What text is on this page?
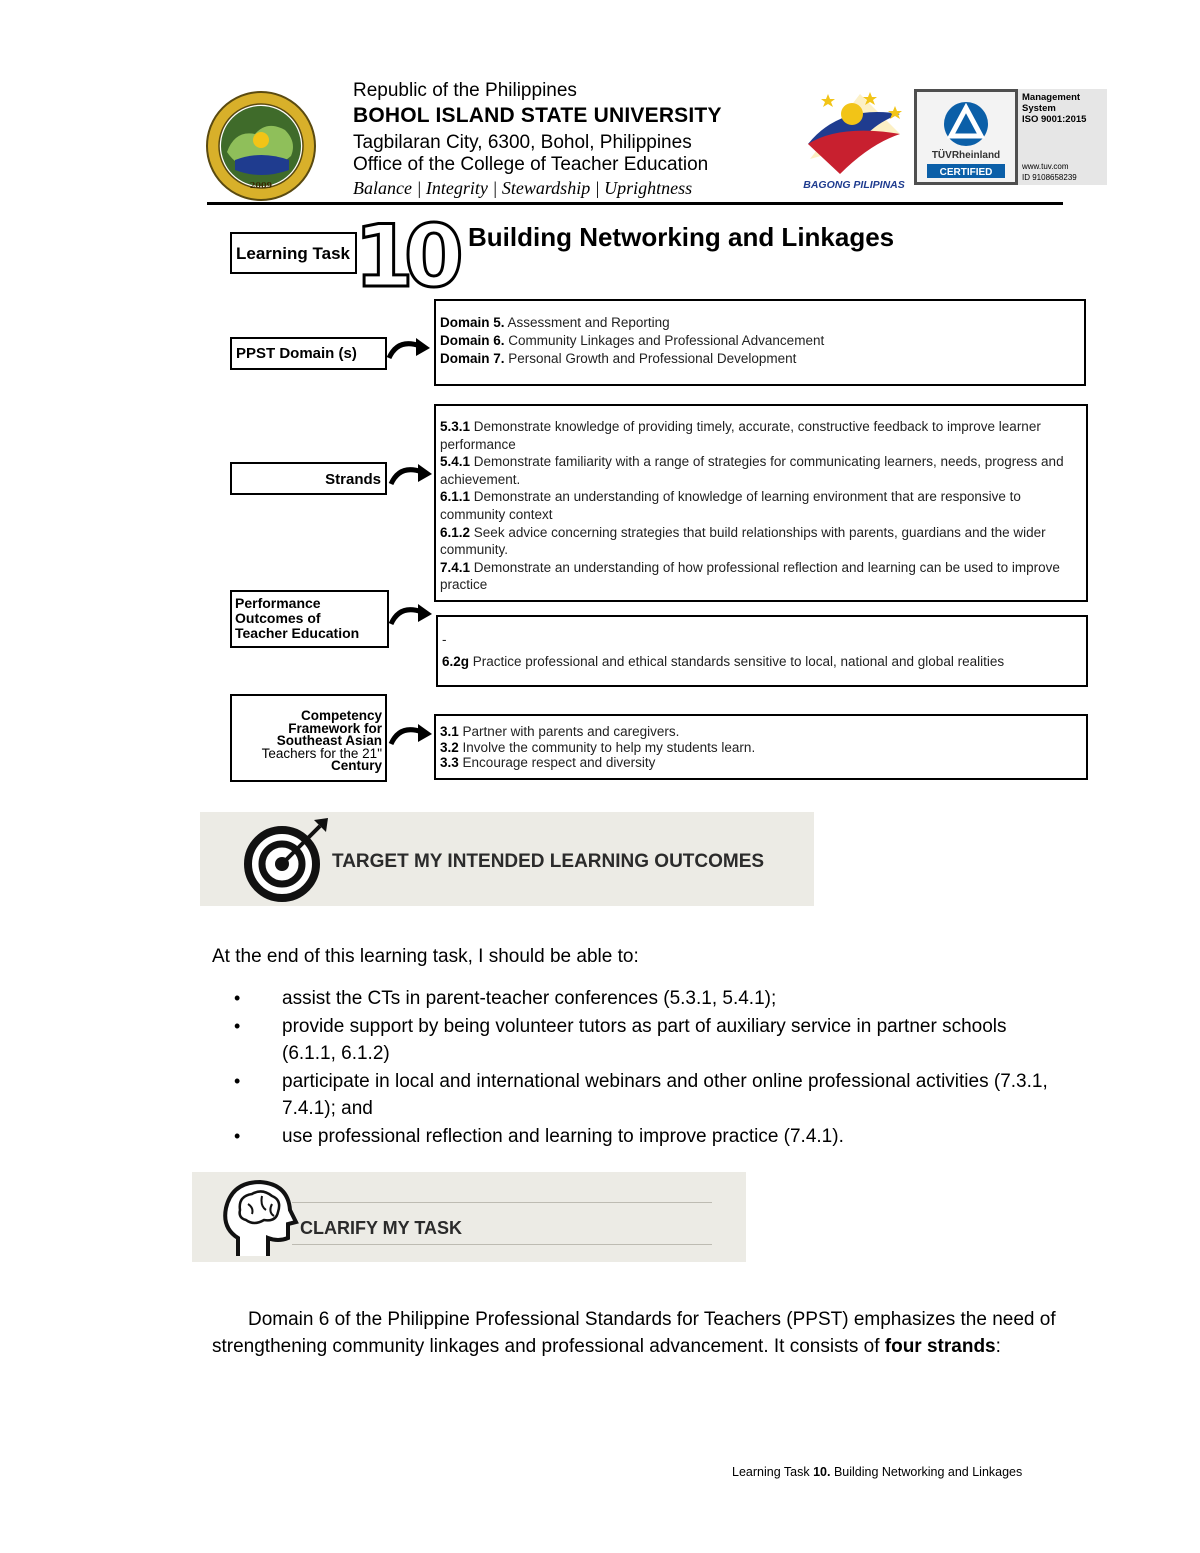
2009
Republic of the Philippines
BOHOL ISLAND STATE UNIVERSITY
Tagbilaran City, 6300, Bohol, Philippines
Office of the College of Teacher Education
Balance | Integrity | Stewardship | Uprightness	BAGONG PILIPINAS
TÜVRheinland
CERTIFIED
Management
System
ISO 9001:2015
www.tuv.com
ID 9108658239
Learning Task 10 Building Networking and Linkages
PPST Domain (s)
Strands
Performance
Outcomes of
Teacher Education
Competency
Framework for
Southeast Asian
Teachers for the 21"
Century
Domain 5. Assessment and Reporting
Domain 6. Community Linkages and Professional Advancement
Domain 7. Personal Growth and Professional Development
5.3.1 Demonstrate knowledge of providing timely, accurate, constructive feedback to improve learner performance
5.4.1 Demonstrate familiarity with a range of strategies for communicating learners, needs, progress and achievement.
6.1.1 Demonstrate an understanding of knowledge of learning environment that are responsive to community context
6.1.2 Seek advice concerning strategies that build relationships with parents, guardians and the wider community.
7.4.1 Demonstrate an understanding of how professional reflection and learning can be used to improve practice
-
6.2g Practice professional and ethical standards sensitive to local, national and global realities
3.1 Partner with parents and caregivers.
3.2 Involve the community to help my students learn.
3.3 Encourage respect and diversity
TARGET MY INTENDED LEARNING OUTCOMES
At the end of this learning task, I should be able to:
• assist the CTs in parent-teacher conferences (5.3.1, 5.4.1);
• provide support by being volunteer tutors as part of auxiliary service in partner schools (6.1.1, 6.1.2)
• participate in local and international webinars and other online professional activities (7.3.1, 7.4.1); and
• use professional reflection and learning to improve practice (7.4.1).
CLARIFY MY TASK
Domain 6 of the Philippine Professional Standards for Teachers (PPST) emphasizes the need of strengthening community linkages and professional advancement. It consists of four strands:
Learning Task 10. Building Networking and Linkages
